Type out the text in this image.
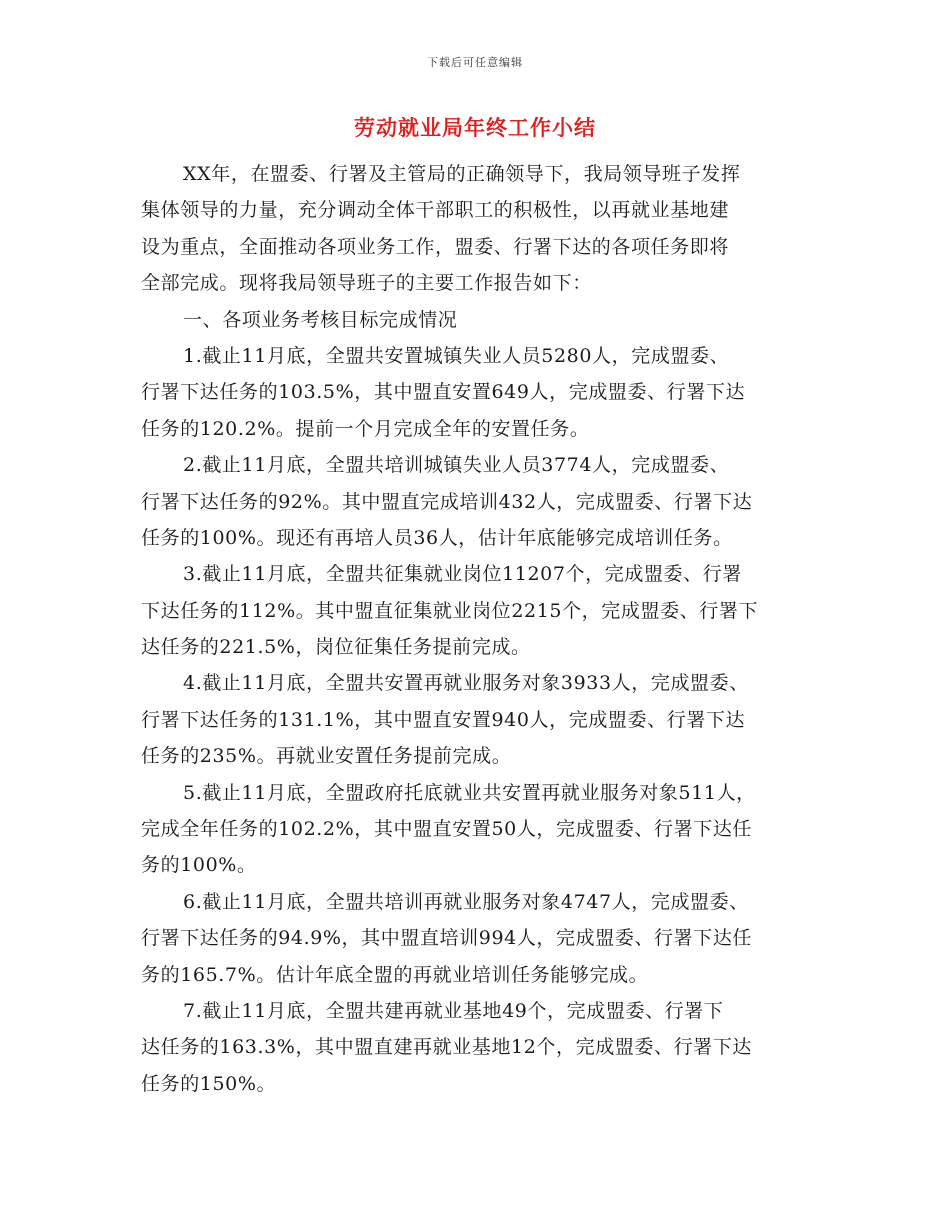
下载后可任意编辑
劳动就业局年终工作小结
XX年，在盟委、行署及主管局的正确领导下，我局领导班子发挥
集体领导的力量，充分调动全体干部职工的积极性，以再就业基地建
设为重点，全面推动各项业务工作，盟委、行署下达的各项任务即将
全部完成。现将我局领导班子的主要工作报告如下：
一、各项业务考核目标完成情况
1.截止11月底，全盟共安置城镇失业人员5280人，完成盟委、
行署下达任务的103.5%，其中盟直安置649人，完成盟委、行署下达
任务的120.2%。提前一个月完成全年的安置任务。
2.截止11月底，全盟共培训城镇失业人员3774人，完成盟委、
行署下达任务的92%。其中盟直完成培训432人，完成盟委、行署下达
任务的100%。现还有再培人员36人，估计年底能够完成培训任务。
3.截止11月底，全盟共征集就业岗位11207个，完成盟委、行署
下达任务的112%。其中盟直征集就业岗位2215个，完成盟委、行署下
达任务的221.5%，岗位征集任务提前完成。
4.截止11月底，全盟共安置再就业服务对象3933人，完成盟委、
行署下达任务的131.1%，其中盟直安置940人，完成盟委、行署下达
任务的235%。再就业安置任务提前完成。
5.截止11月底，全盟政府托底就业共安置再就业服务对象511人，
完成全年任务的102.2%，其中盟直安置50人，完成盟委、行署下达任
务的100%。
6.截止11月底，全盟共培训再就业服务对象4747人，完成盟委、
行署下达任务的94.9%，其中盟直培训994人，完成盟委、行署下达任
务的165.7%。估计年底全盟的再就业培训任务能够完成。
7.截止11月底，全盟共建再就业基地49个，完成盟委、行署下
达任务的163.3%，其中盟直建再就业基地12个，完成盟委、行署下达
任务的150%。
